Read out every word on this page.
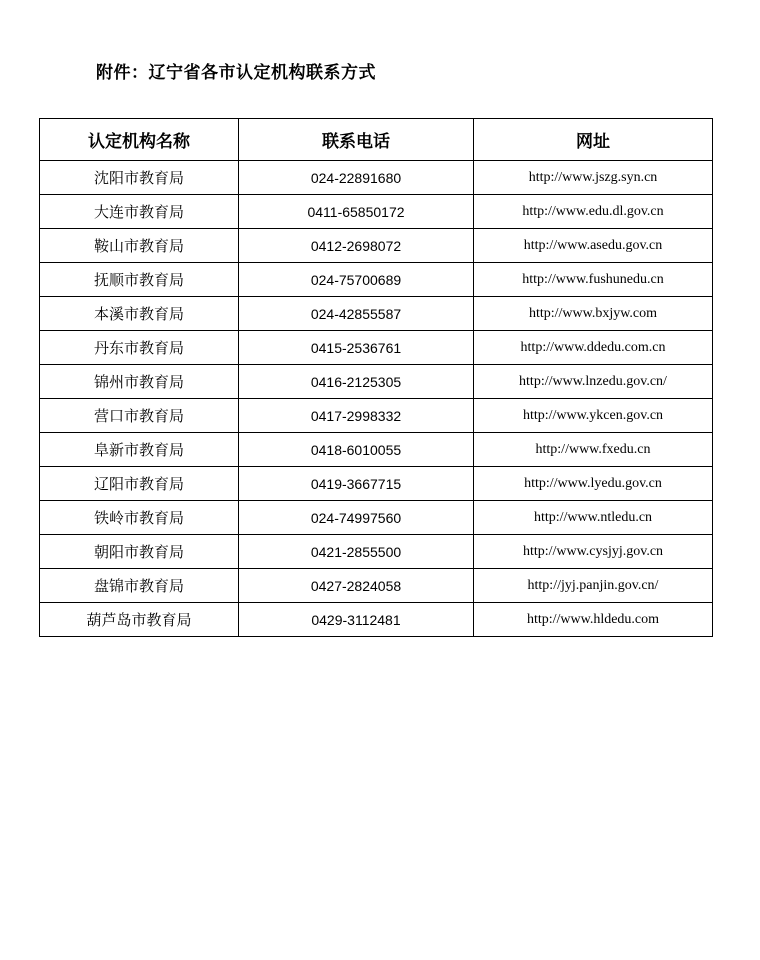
附件：辽宁省各市认定机构联系方式
认定机构名称	联系电话	网址
沈阳市教育局	024-22891680	http://www.jszg.syn.cn
大连市教育局	0411-65850172	http://www.edu.dl.gov.cn
鞍山市教育局	0412-2698072	http://www.asedu.gov.cn
抚顺市教育局	024-75700689	http://www.fushunedu.cn
本溪市教育局	024-42855587	http://www.bxjyw.com
丹东市教育局	0415-2536761	http://www.ddedu.com.cn
锦州市教育局	0416-2125305	http://www.lnzedu.gov.cn/
营口市教育局	0417-2998332	http://www.ykcen.gov.cn
阜新市教育局	0418-6010055	http://www.fxedu.cn
辽阳市教育局	0419-3667715	http://www.lyedu.gov.cn
铁岭市教育局	024-74997560	http://www.ntledu.cn
朝阳市教育局	0421-2855500	http://www.cysjyj.gov.cn
盘锦市教育局	0427-2824058	http://jyj.panjin.gov.cn/
葫芦岛市教育局	0429-3112481	http://www.hldedu.com
